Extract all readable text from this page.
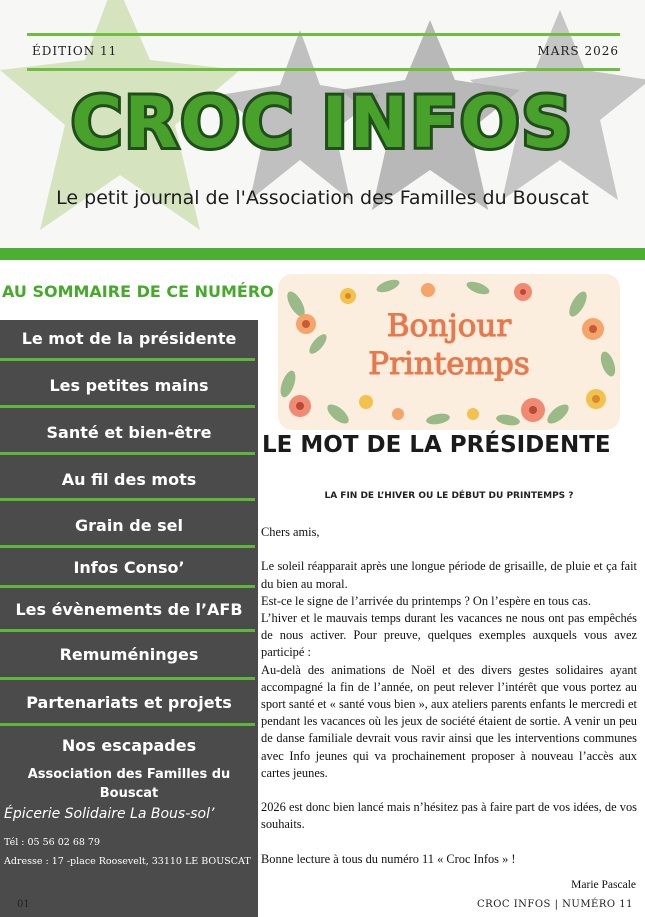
ÉDITION 11	MARS 2026
CROC INFOS
Le petit journal de l'Association des Familles du Bouscat
AU SOMMAIRE DE CE NUMÉRO
Le mot de la présidente
Les petites mains
Santé et bien-être
Au fil des mots
Grain de sel
Infos Conso’
Les évènements de l’AFB
Remuméninges
Partenariats et projets
Nos escapades
Association des Familles du Bouscat
Épicerie Solidaire La Bous-sol’
Tél : 05 56 02 68 79
Adresse : 17 -place Roosevelt, 33110 LE BOUSCAT
Bonjour
Printemps
LE MOT DE LA PRÉSIDENTE
LA FIN DE L’HIVER OU LE DÉBUT DU PRINTEMPS ?

Chers amis,

Le soleil réapparait après une longue période de grisaille, de pluie et ça fait du bien au moral.

Est-ce le signe de l’arrivée du printemps ? On l’espère en tous cas.

L’hiver et le mauvais temps durant les vacances ne nous ont pas empêchés de nous activer. Pour preuve, quelques exemples auxquels vous avez participé :

Au-delà des animations de Noël et des divers gestes solidaires ayant accompagné la fin de l’année, on peut relever l’intérêt que vous portez au sport santé et « santé vous bien », aux ateliers parents enfants le mercredi et pendant les vacances où les jeux de société étaient de sortie. A venir un peu de danse familiale devrait vous ravir ainsi que les interventions communes avec Info jeunes qui va prochainement proposer à nouveau l’accès aux cartes jeunes.

2026 est donc bien lancé mais n’hésitez pas à faire part de vos idées, de vos souhaits.

Bonne lecture à tous du numéro 11 « Croc Infos » !

Marie Pascale
01	CROC INFOS | NUMÉRO 11
